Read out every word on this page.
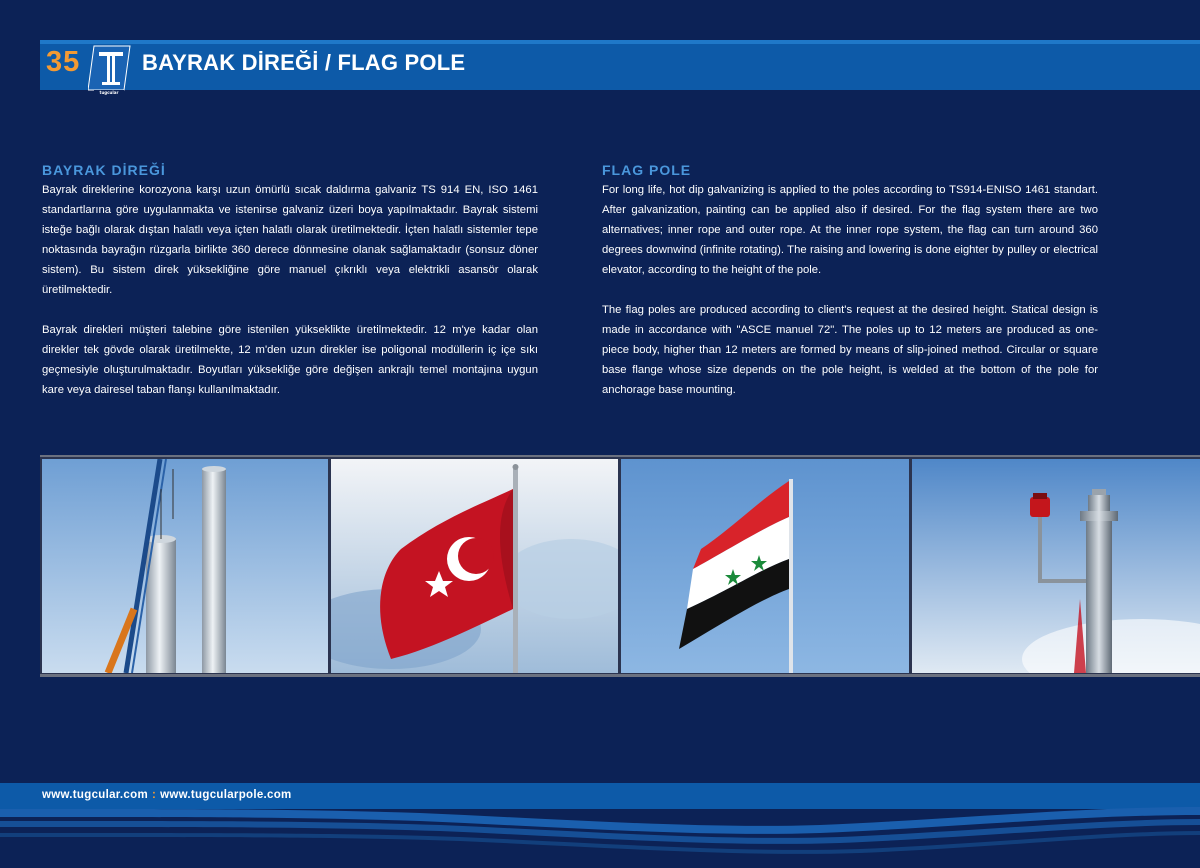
35
tugcular
BAYRAK DİREĞİ / FLAG POLE
BAYRAK DİREĞİ

Bayrak direklerine korozyona karşı uzun ömürlü sıcak daldırma galvaniz TS 914 EN, ISO 1461 standartlarına göre uygulanmakta ve istenirse galvaniz üzeri boya yapılmaktadır. Bayrak sistemi isteğe bağlı olarak dıştan halatlı veya içten halatlı olarak üretilmektedir. İçten halatlı sistemler tepe noktasında bayrağın rüzgarla birlikte 360 derece dönmesine olanak sağlamaktadır (sonsuz döner sistem). Bu sistem direk yüksekliğine göre manuel çıkrıklı veya elektrikli asansör olarak üretilmektedir.

Bayrak direkleri müşteri talebine göre istenilen yükseklikte üretilmektedir. 12 m'ye kadar olan direkler tek gövde olarak üretilmekte, 12 m'den uzun direkler ise poligonal modüllerin iç içe sıkı geçmesiyle oluşturulmaktadır. Boyutları yüksekliğe göre değişen ankrajlı temel montajına uygun kare veya dairesel taban flanşı kullanılmaktadır.

FLAG POLE

For long life, hot dip galvanizing is applied to the poles according to TS914-ENISO 1461 standart. After galvanization, painting can be applied also if desired. For the flag system there are two alternatives; inner rope and outer rope. At the inner rope system, the flag can turn around 360 degrees downwind (infinite rotating). The raising and lowering is done eighter by pulley or electrical elevator, according to the height of the pole.

The flag poles are produced according to client's request at the desired height. Statical design is made in accordance with "ASCE manuel 72". The poles up to 12 meters are produced as one-piece body, higher than 12 meters are formed by means of slip-joined method. Circular or square base flange whose size depends on the pole height, is welded at the bottom of the pole for anchorage base mounting.

www.tugcular.com : www.tugcularpole.com
